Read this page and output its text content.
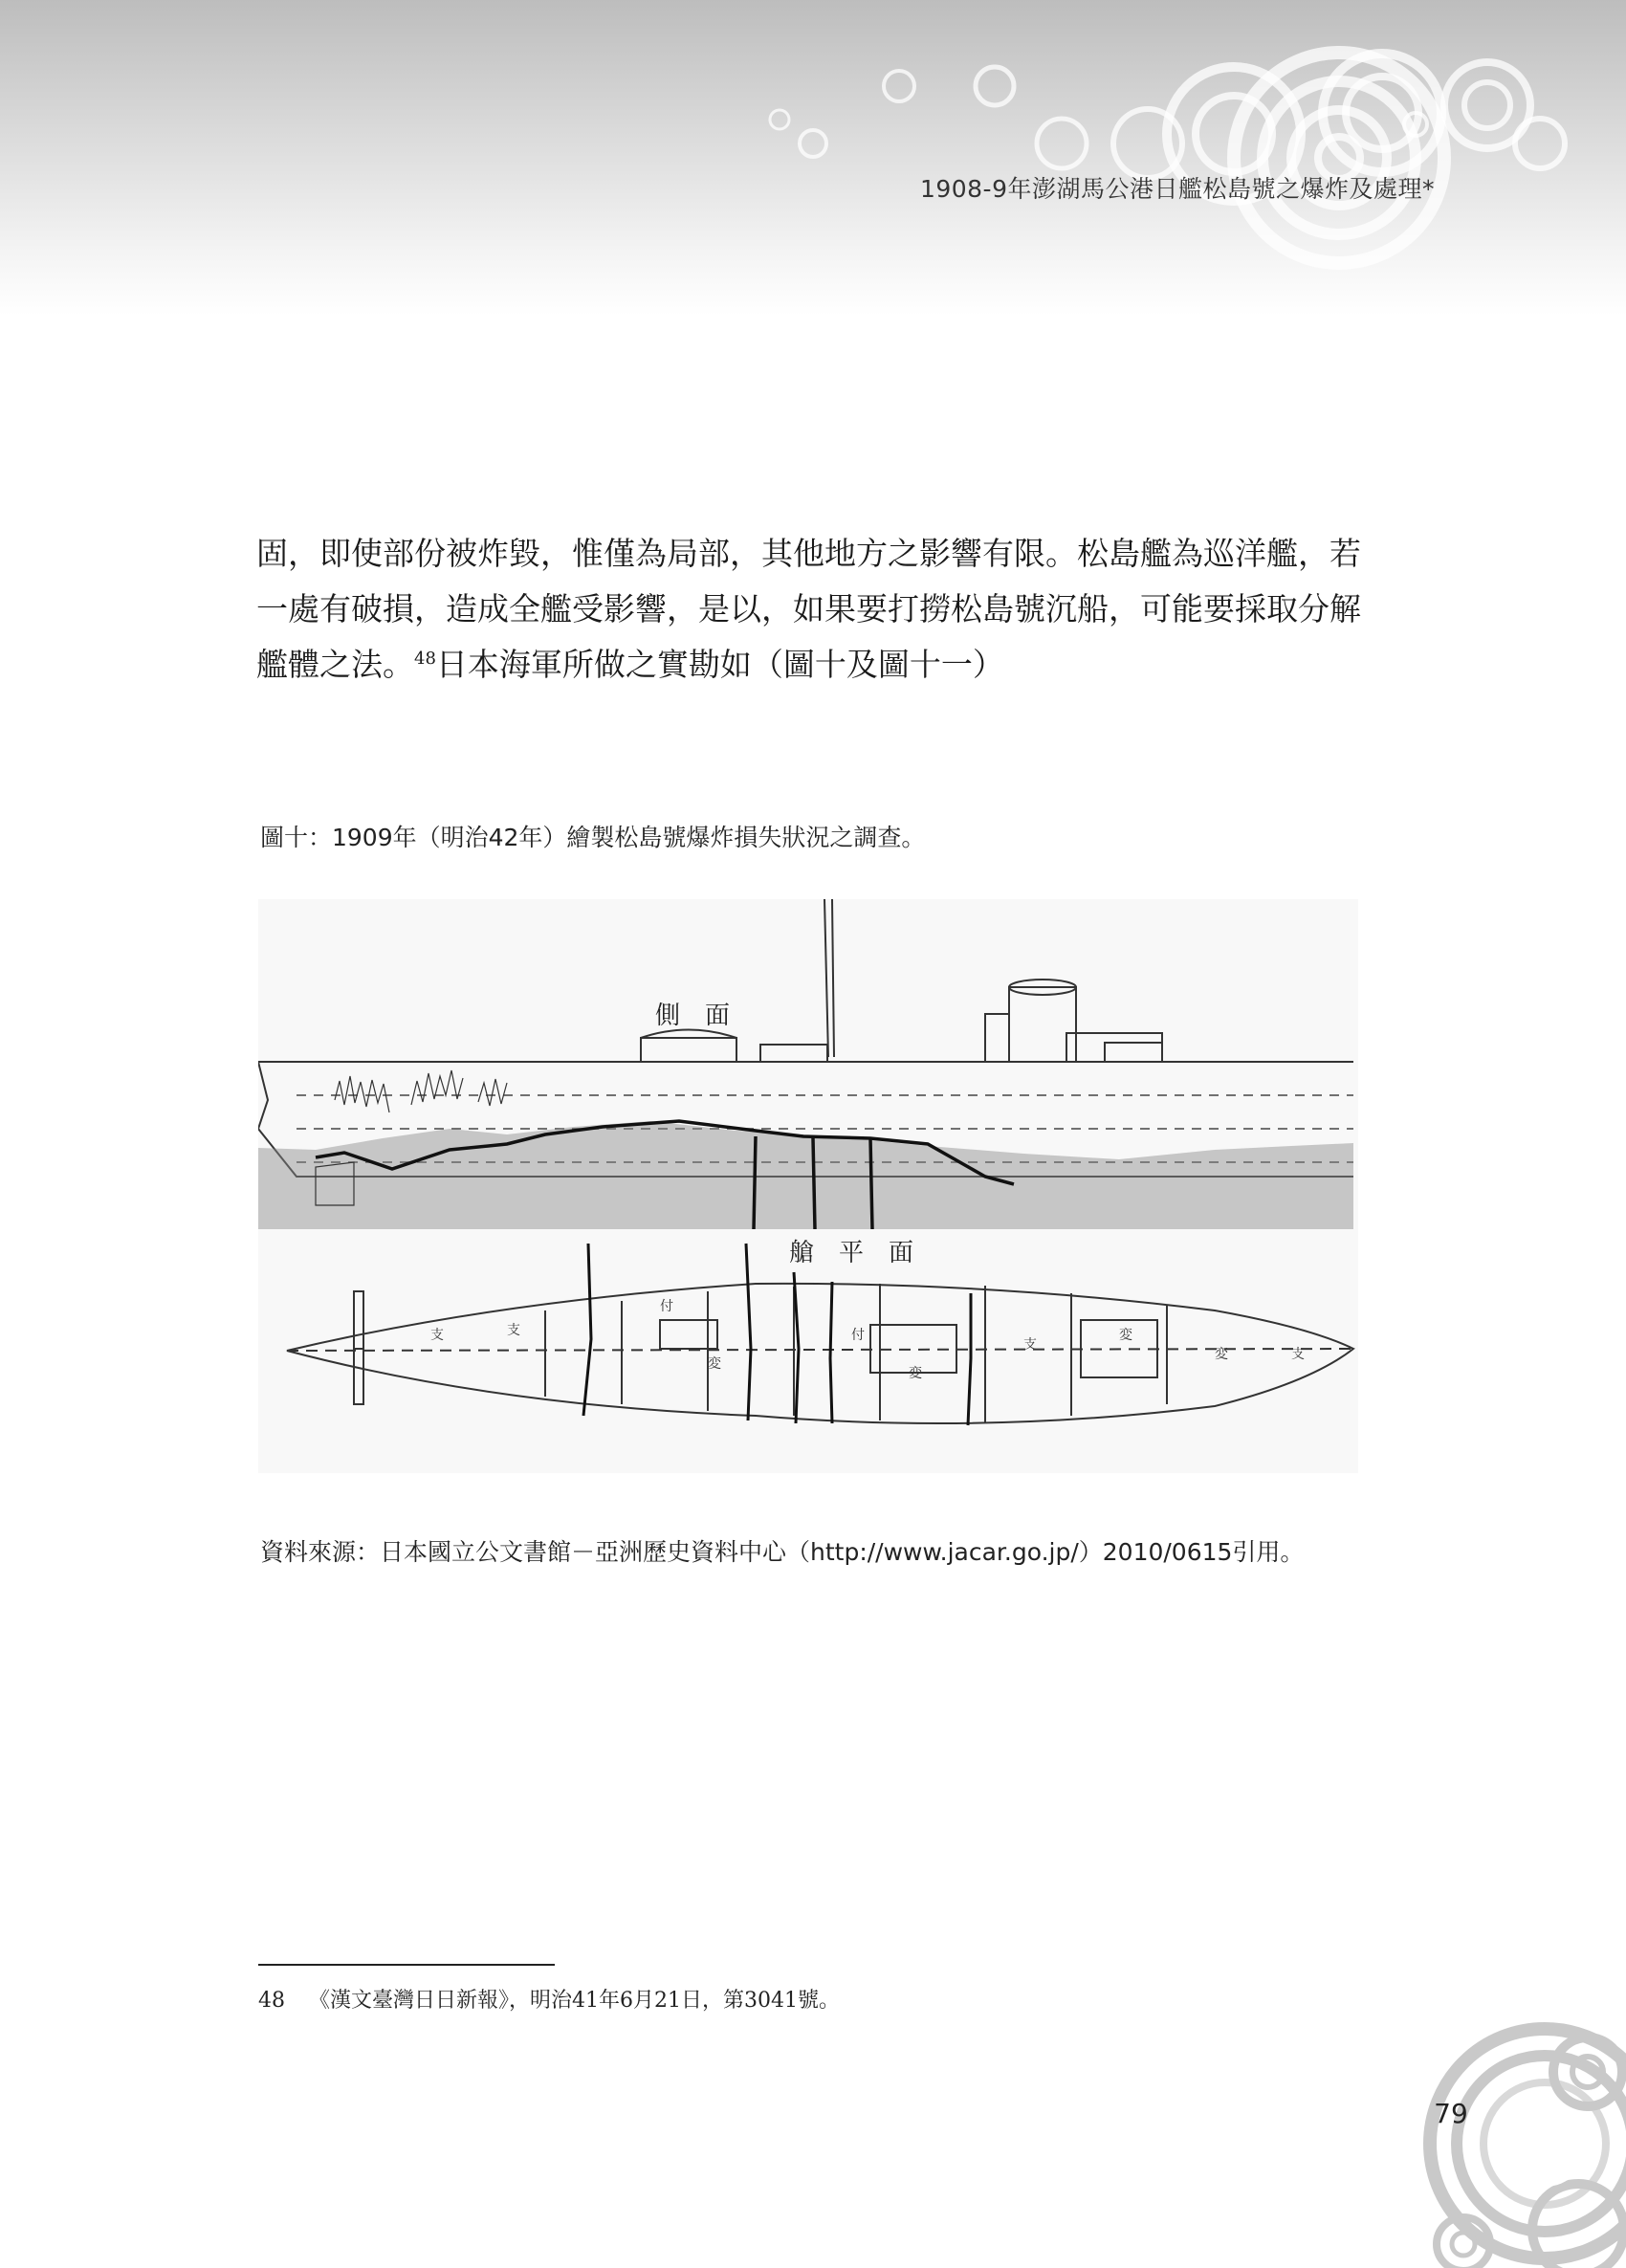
1908-9年澎湖馬公港日艦松島號之爆炸及處理*

固，即使部份被炸毀，惟僅為局部，其他地方之影響有限。松島艦為巡洋艦，若

一處有破損，造成全艦受影響，是以，如果要打撈松島號沉船，可能要採取分解

艦體之法。$^{48}$日本海軍所做之實勘如（圖十及圖十一）

圖十：1909年（明治42年）繪製松島號爆炸損失狀況之調查。
側　面
艙　平　面
支	支
付
変
付
変
支
変
変	支
資料來源：日本國立公文書館－亞洲歷史資料中心（http://www.jacar.go.jp/）2010/0615引用。
48 《漢文臺灣日日新報》，明治41年6月21日，第3041號。
79
